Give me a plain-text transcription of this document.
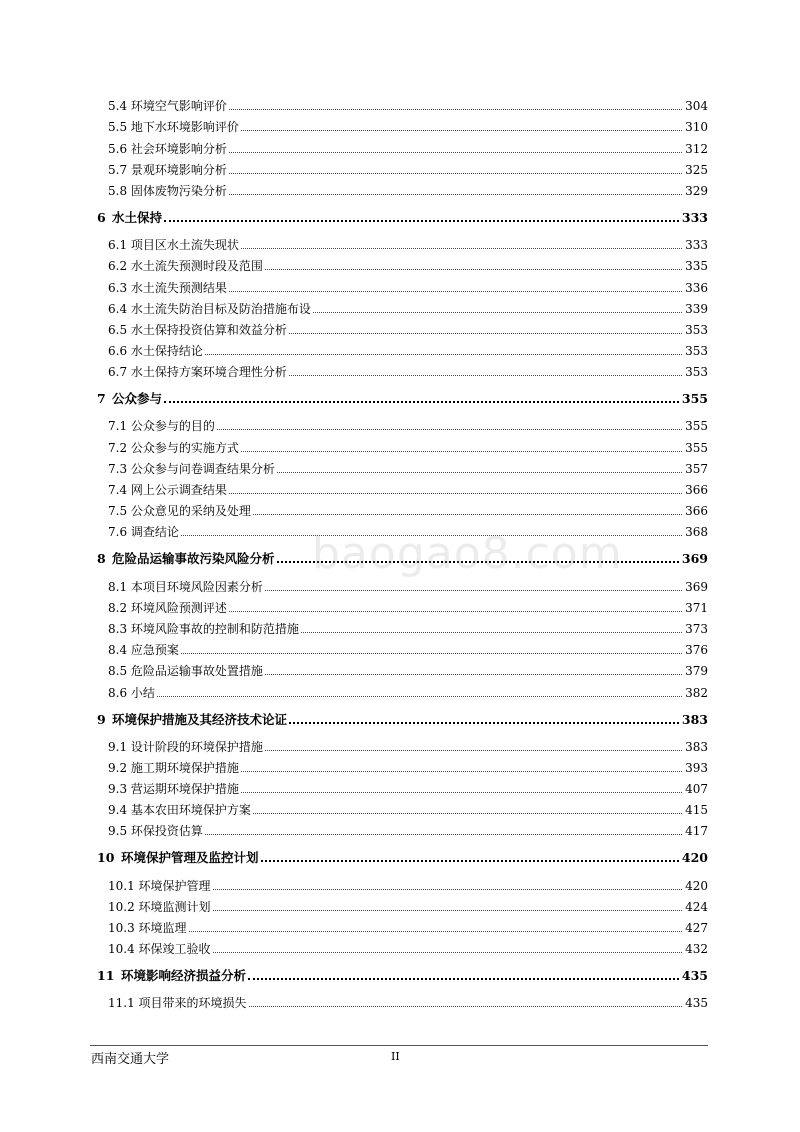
5.4 环境空气影响评价	304
5.5 地下水环境影响评价	310
5.6 社会环境影响分析	312
5.7 景观环境影响分析	325
5.8 固体废物污染分析	329
6 水土保持	333
6.1 项目区水土流失现状	333
6.2 水土流失预测时段及范围	335
6.3 水土流失预测结果	336
6.4 水土流失防治目标及防治措施布设	339
6.5 水土保持投资估算和效益分析	353
6.6 水土保持结论	353
6.7 水土保持方案环境合理性分析	353
7 公众参与	355
7.1 公众参与的目的	355
7.2 公众参与的实施方式	355
7.3 公众参与问卷调查结果分析	357
7.4 网上公示调查结果	366
7.5 公众意见的采纳及处理	366
7.6 调查结论	368
8 危险品运输事故污染风险分析	369
8.1 本项目环境风险因素分析	369
8.2 环境风险预测评述	371
8.3 环境风险事故的控制和防范措施	373
8.4 应急预案	376
8.5 危险品运输事故处置措施	379
8.6 小结	382
9 环境保护措施及其经济技术论证	383
9.1 设计阶段的环境保护措施	383
9.2 施工期环境保护措施	393
9.3 营运期环境保护措施	407
9.4 基本农田环境保护方案	415
9.5 环保投资估算	417
10 环境保护管理及监控计划	420
10.1 环境保护管理	420
10.2 环境监测计划	424
10.3 环境监理	427
10.4 环保竣工验收	432
11 环境影响经济损益分析	435
11.1 项目带来的环境损失	435
baogao8.com
西南交通大学	II
